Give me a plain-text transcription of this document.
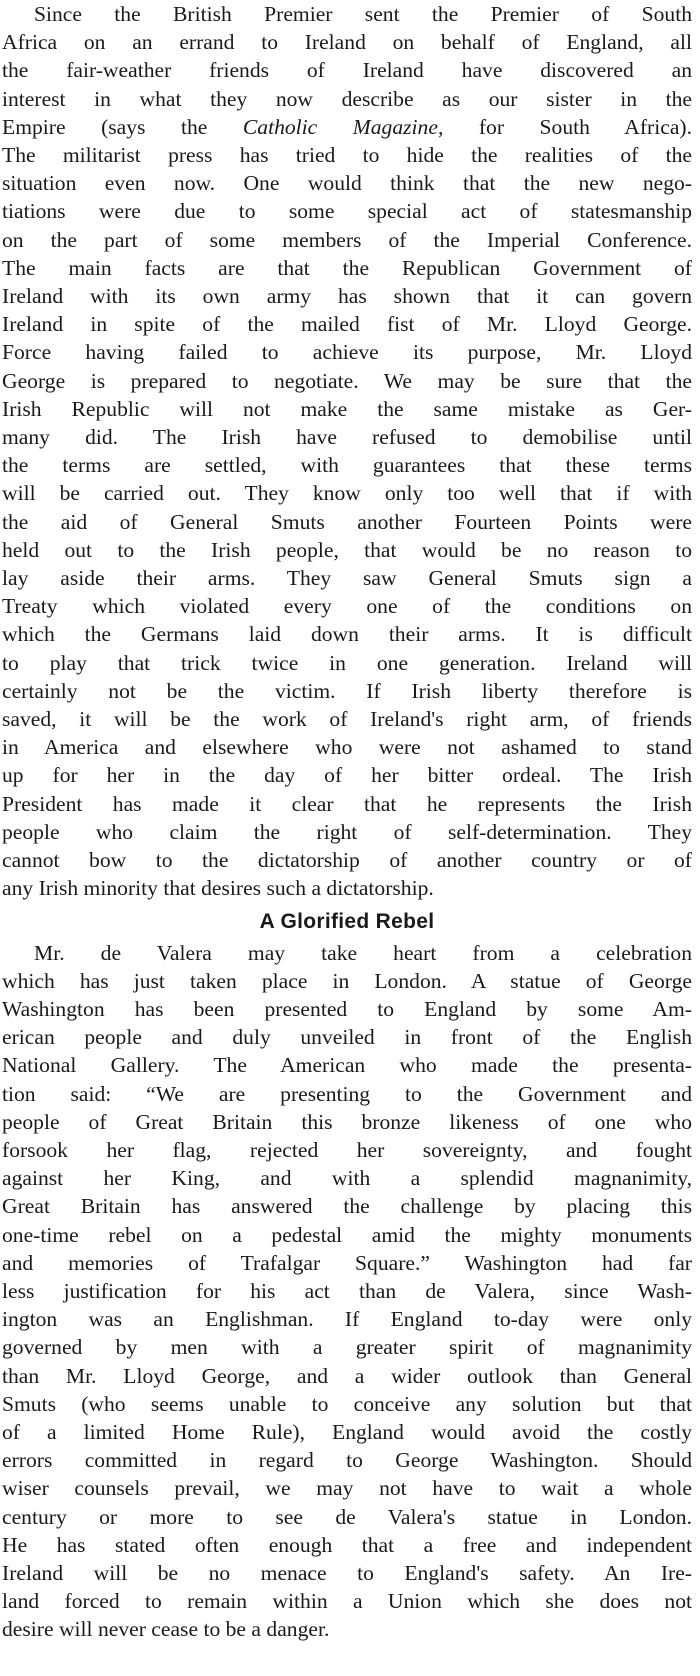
Since the British Premier sent the Premier of South
Africa on an errand to Ireland on behalf of England, all
the fair-weather friends of Ireland have discovered an
interest in what they now describe as our sister in the
Empire (says the Catholic Magazine, for South Africa).
The militarist press has tried to hide the realities of the
situation even now. One would think that the new nego-
tiations were due to some special act of statesmanship
on the part of some members of the Imperial Conference.
The main facts are that the Republican Government of
Ireland with its own army has shown that it can govern
Ireland in spite of the mailed fist of Mr. Lloyd George.
Force having failed to achieve its purpose, Mr. Lloyd
George is prepared to negotiate. We may be sure that the
Irish Republic will not make the same mistake as Ger-
many did. The Irish have refused to demobilise until
the terms are settled, with guarantees that these terms
will be carried out. They know only too well that if with
the aid of General Smuts another Fourteen Points were
held out to the Irish people, that would be no reason to
lay aside their arms. They saw General Smuts sign a
Treaty which violated every one of the conditions on
which the Germans laid down their arms. It is difficult
to play that trick twice in one generation. Ireland will
certainly not be the victim. If Irish liberty therefore is
saved, it will be the work of Ireland's right arm, of friends
in America and elsewhere who were not ashamed to stand
up for her in the day of her bitter ordeal. The Irish
President has made it clear that he represents the Irish
people who claim the right of self-determination. They
cannot bow to the dictatorship of another country or of
any Irish minority that desires such a dictatorship.
A Glorified Rebel
Mr. de Valera may take heart from a celebration
which has just taken place in London. A statue of George
Washington has been presented to England by some Am-
erican people and duly unveiled in front of the English
National Gallery. The American who made the presenta-
tion said: “We are presenting to the Government and
people of Great Britain this bronze likeness of one who
forsook her flag, rejected her sovereignty, and fought
against her King, and with a splendid magnanimity,
Great Britain has answered the challenge by placing this
one-time rebel on a pedestal amid the mighty monuments
and memories of Trafalgar Square.” Washington had far
less justification for his act than de Valera, since Wash-
ington was an Englishman. If England to-day were only
governed by men with a greater spirit of magnanimity
than Mr. Lloyd George, and a wider outlook than General
Smuts (who seems unable to conceive any solution but that
of a limited Home Rule), England would avoid the costly
errors committed in regard to George Washington. Should
wiser counsels prevail, we may not have to wait a whole
century or more to see de Valera's statue in London.
He has stated often enough that a free and independent
Ireland will be no menace to England's safety. An Ire-
land forced to remain within a Union which she does not
desire will never cease to be a danger.
